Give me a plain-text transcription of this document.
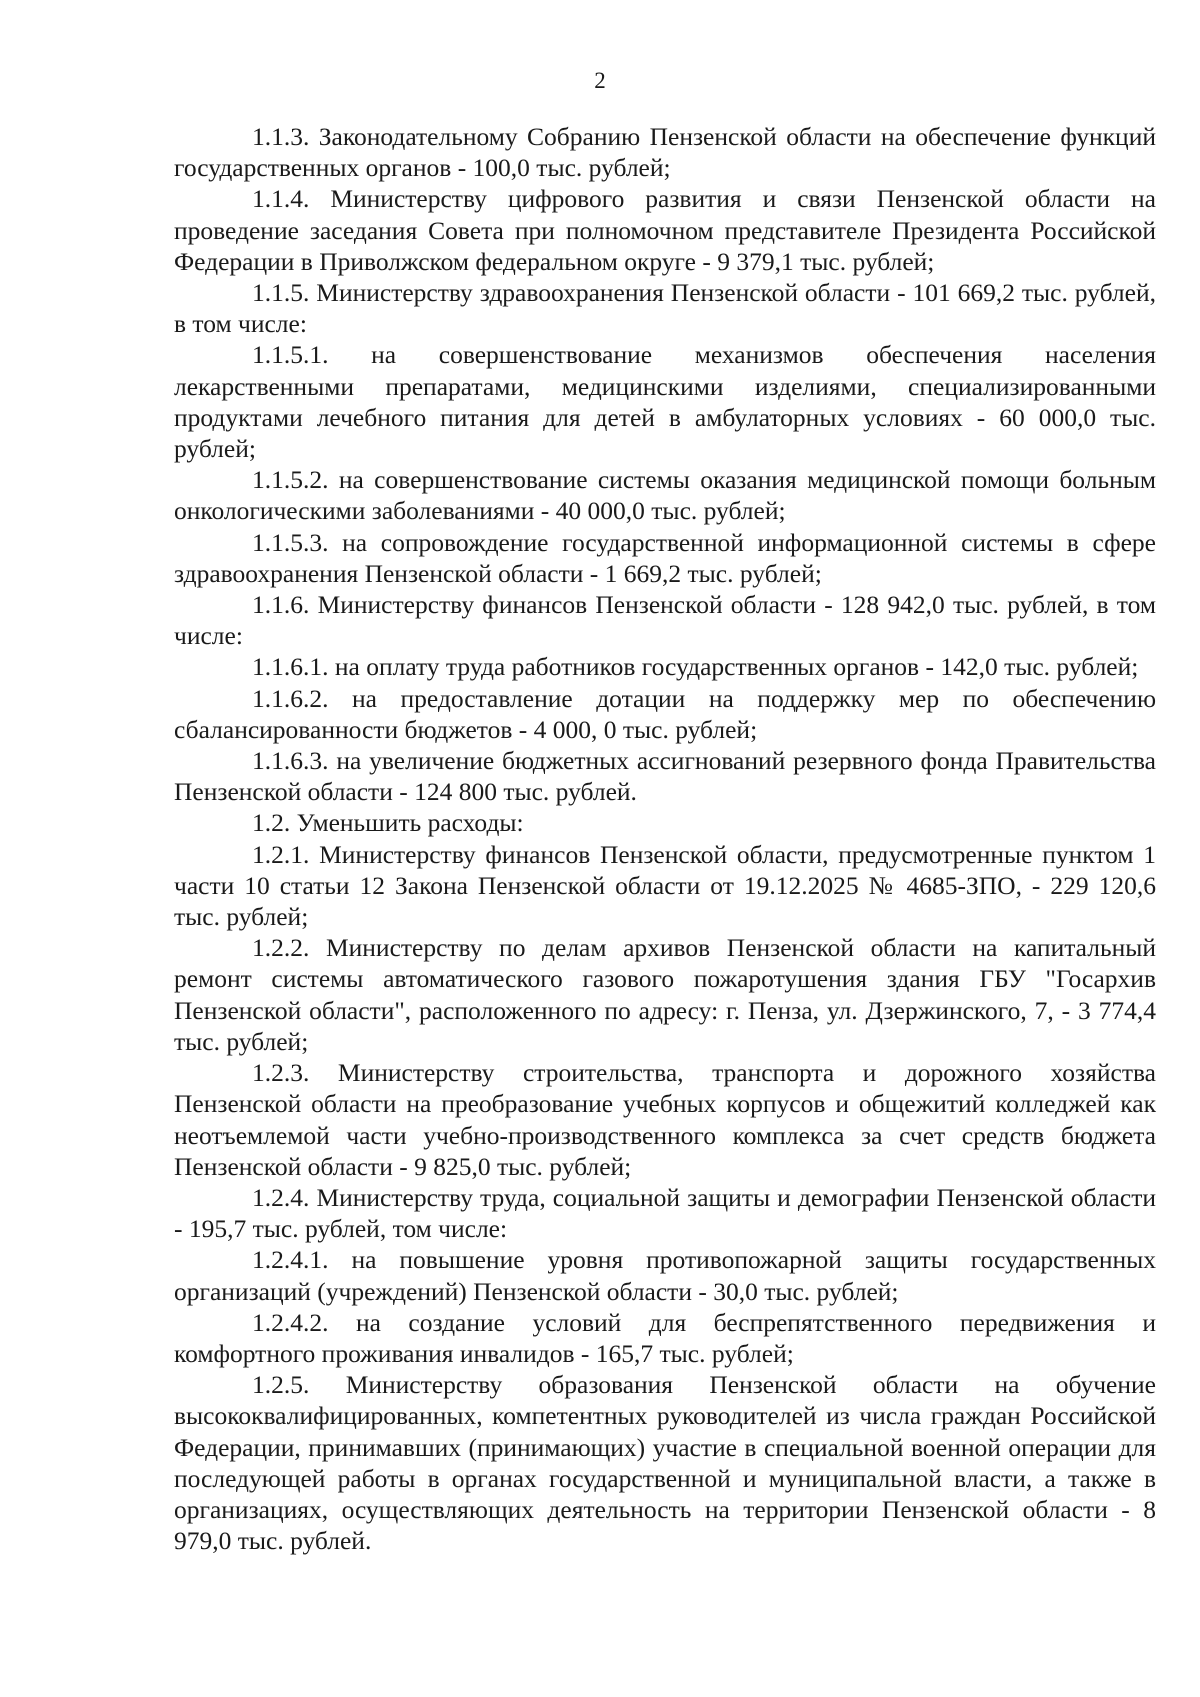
2

1.1.3. Законодательному Собранию Пензенской области на обеспечение функций государственных органов - 100,0 тыс. рублей;

1.1.4. Министерству цифрового развития и связи Пензенской области на проведение заседания Совета при полномочном представителе Президента Российской Федерации в Приволжском федеральном округе - 9 379,1 тыс. рублей;

1.1.5. Министерству здравоохранения Пензенской области - 101 669,2 тыс. рублей, в том числе:

1.1.5.1. на совершенствование механизмов обеспечения населения лекарственными препаратами, медицинскими изделиями, специализированными продуктами лечебного питания для детей в амбулаторных условиях - 60 000,0 тыс. рублей;

1.1.5.2. на совершенствование системы оказания медицинской помощи больным онкологическими заболеваниями - 40 000,0 тыс. рублей;

1.1.5.3. на сопровождение государственной информационной системы в сфере здравоохранения Пензенской области - 1 669,2 тыс. рублей;

1.1.6. Министерству финансов Пензенской области - 128 942,0 тыс. рублей, в том числе:

1.1.6.1. на оплату труда работников государственных органов - 142,0 тыс. рублей;

1.1.6.2. на предоставление дотации на поддержку мер по обеспечению сбалансированности бюджетов - 4 000, 0 тыс. рублей;

1.1.6.3. на увеличение бюджетных ассигнований резервного фонда Правительства Пензенской области - 124 800 тыс. рублей.

1.2. Уменьшить расходы:

1.2.1. Министерству финансов Пензенской области, предусмотренные пунктом 1 части 10 статьи 12 Закона Пензенской области от 19.12.2025 № 4685-ЗПО, - 229 120,6 тыс. рублей;

1.2.2. Министерству по делам архивов Пензенской области на капитальный ремонт системы автоматического газового пожаротушения здания ГБУ "Госархив Пензенской области", расположенного по адресу: г. Пенза, ул. Дзержинского, 7, - 3 774,4 тыс. рублей;

1.2.3. Министерству строительства, транспорта и дорожного хозяйства Пензенской области на преобразование учебных корпусов и общежитий колледжей как неотъемлемой части учебно-производственного комплекса за счет средств бюджета Пензенской области - 9 825,0 тыс. рублей;

1.2.4. Министерству труда, социальной защиты и демографии Пензенской области - 195,7 тыс. рублей, том числе:

1.2.4.1. на повышение уровня противопожарной защиты государственных организаций (учреждений) Пензенской области - 30,0 тыс. рублей;

1.2.4.2. на создание условий для беспрепятственного передвижения и комфортного проживания инвалидов - 165,7 тыс. рублей;

1.2.5. Министерству образования Пензенской области на обучение высококвалифицированных, компетентных руководителей из числа граждан Российской Федерации, принимавших (принимающих) участие в специальной военной операции для последующей работы в органах государственной и муниципальной власти, а также в организациях, осуществляющих деятельность на территории Пензенской области - 8 979,0 тыс. рублей.
